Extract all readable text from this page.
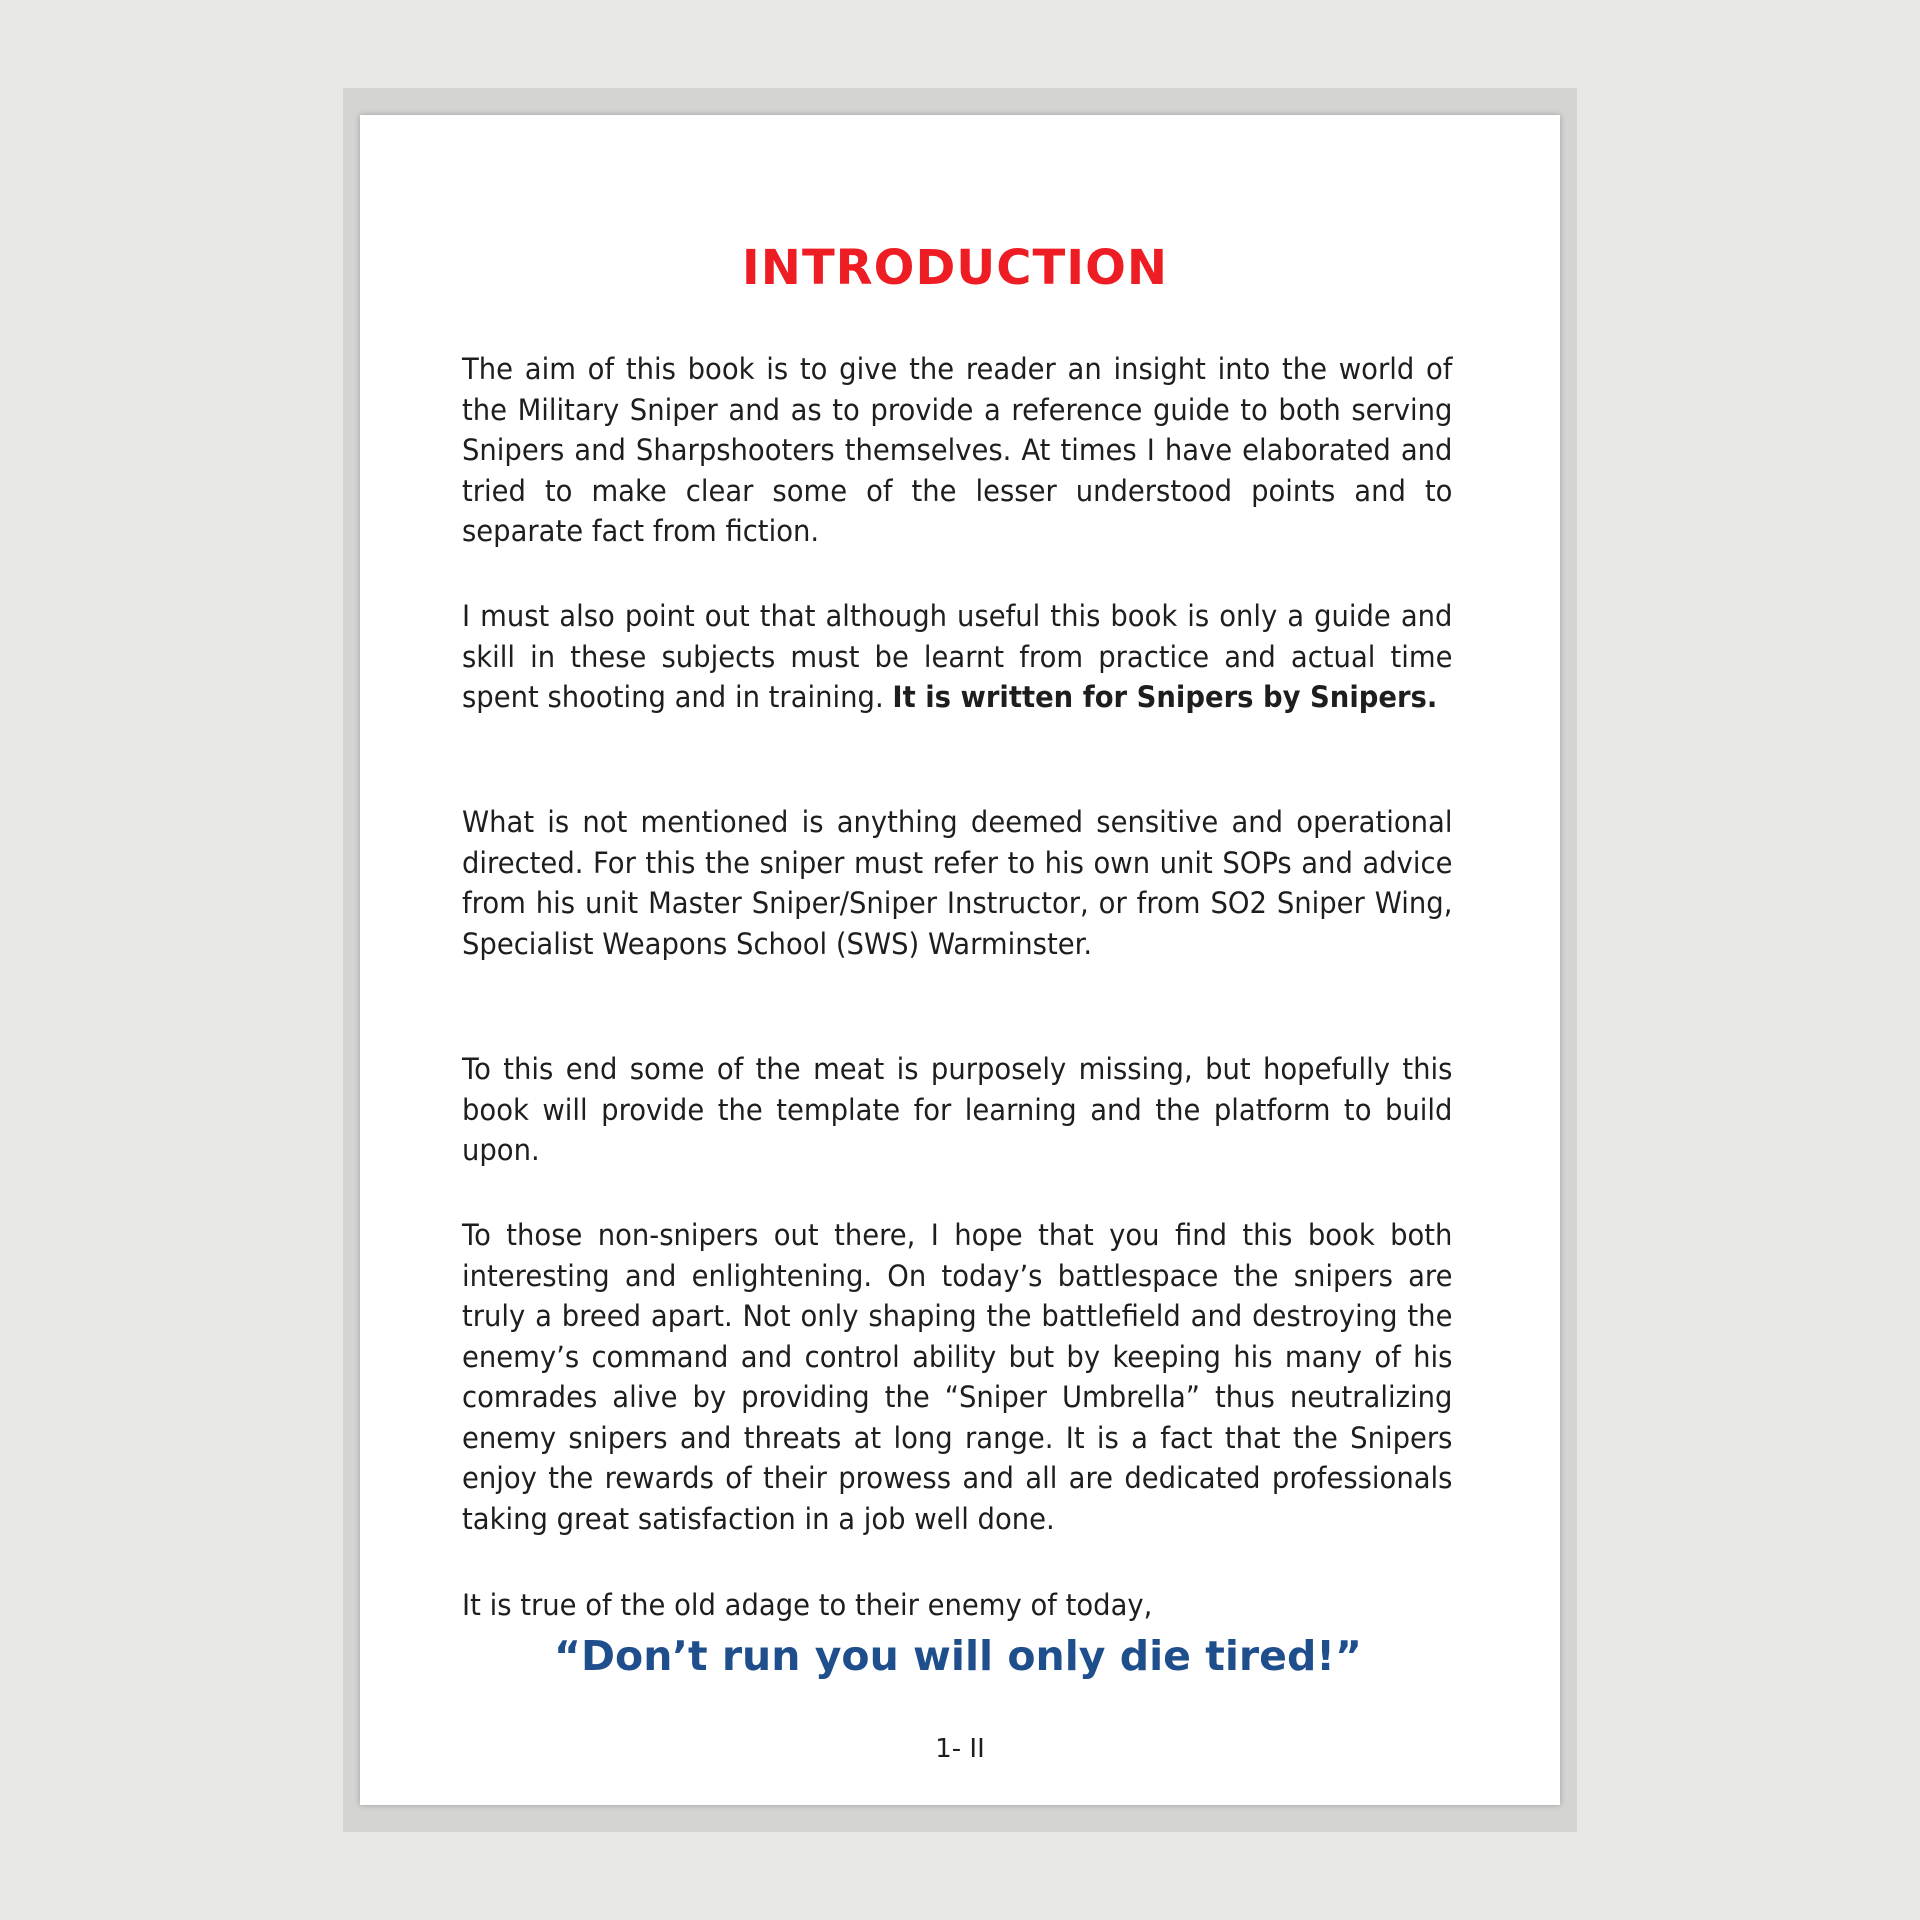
INTRODUCTION

The aim of this book is to give the reader an insight into the world of the Military Sniper and as to provide a reference guide to both serving Snipers and Sharpshooters themselves. At times I have elaborated and tried to make clear some of the lesser understood points and to separate fact from fiction.

I must also point out that although useful this book is only a guide and skill in these subjects must be learnt from practice and actual time spent shooting and in training. It is written for Snipers by Snipers.

What is not mentioned is anything deemed sensitive and operational directed. For this the sniper must refer to his own unit SOPs and advice from his unit Master Sniper/Sniper Instructor, or from SO2 Sniper Wing, Specialist Weapons School (SWS) Warminster.

To this end some of the meat is purposely missing, but hopefully this book will provide the template for learning and the platform to build upon.

To those non-snipers out there, I hope that you find this book both interesting and enlightening. On today’s battlespace the snipers are truly a breed apart. Not only shaping the battlefield and destroying the enemy’s command and control ability but by keeping his many of his comrades alive by providing the “Sniper Umbrella” thus neutralizing enemy snipers and threats at long range. It is a fact that the Snipers enjoy the rewards of their prowess and all are dedicated professionals taking great satisfaction in a job well done.

It is true of the old adage to their enemy of today,

“Don’t run you will only die tired!”

1- II
